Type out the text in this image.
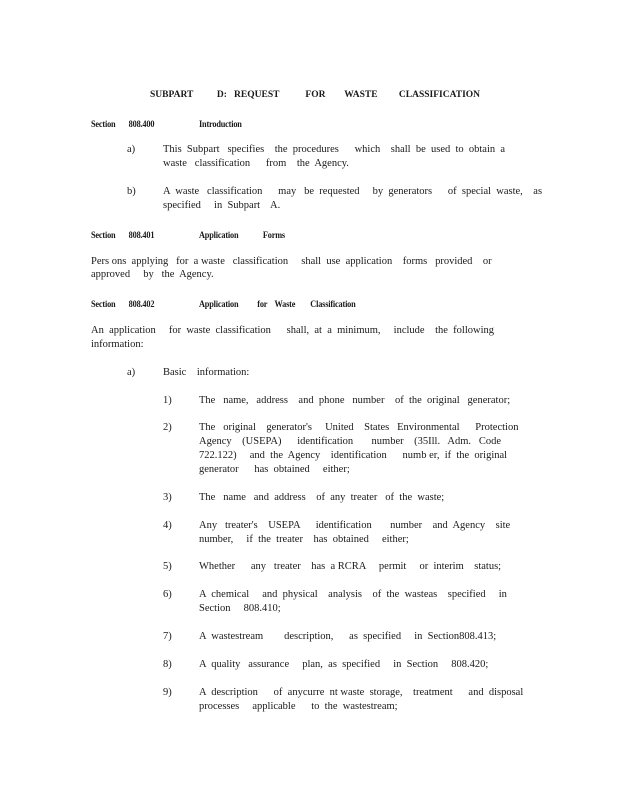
SUBPART          D:   REQUEST           FOR        WASTE         CLASSIFICATION
Section       808.400	Introduction
a)	This  Subpart   specifies    the  procedures      which    shall  be  used  to  obtain  a
waste   classification      from    the  Agency.
b)	A  waste   classification      may   be  requested     by  generators      of  special  waste,    as
specified     in  Subpart    A.
Section       808.401	Application             Forms
Pers ons  applying   for  a waste   classification     shall  use  application    forms   provided    or
approved     by   the  Agency.
Section       808.402	Application          for    Waste        Classification
An  application     for  waste  classification      shall,  at  a  minimum,     include    the  following
information:
a)	Basic    information:
1)	The   name,   address    and  phone   number    of  the  original   generator;
2)	The   original    generator's     United    States   Environmental      Protection
Agency    (USEPA)      identification       number    (35Ill.   Adm.   Code
722.122)     and  the  Agency    identification      numb er,  if  the  original
generator      has  obtained     either;
3)	The   name   and  address    of  any  treater   of  the  waste;
4)	Any   treater's    USEPA      identification       number    and  Agency    site
number,     if  the  treater    has  obtained     either;
5)	Whether      any   treater    has  a RCRA     permit     or  interim    status;
6)	A  chemical     and  physical    analysis    of  the  wasteas    specified     in
Section     808.410;
7)	A  wastestream        description,      as  specified     in  Section808.413;
8)	A  quality   assurance     plan,  as  specified     in  Section     808.420;
9)	A  description      of  anycurre  nt waste  storage,    treatment      and  disposal
processes     applicable      to  the  wastestream;
